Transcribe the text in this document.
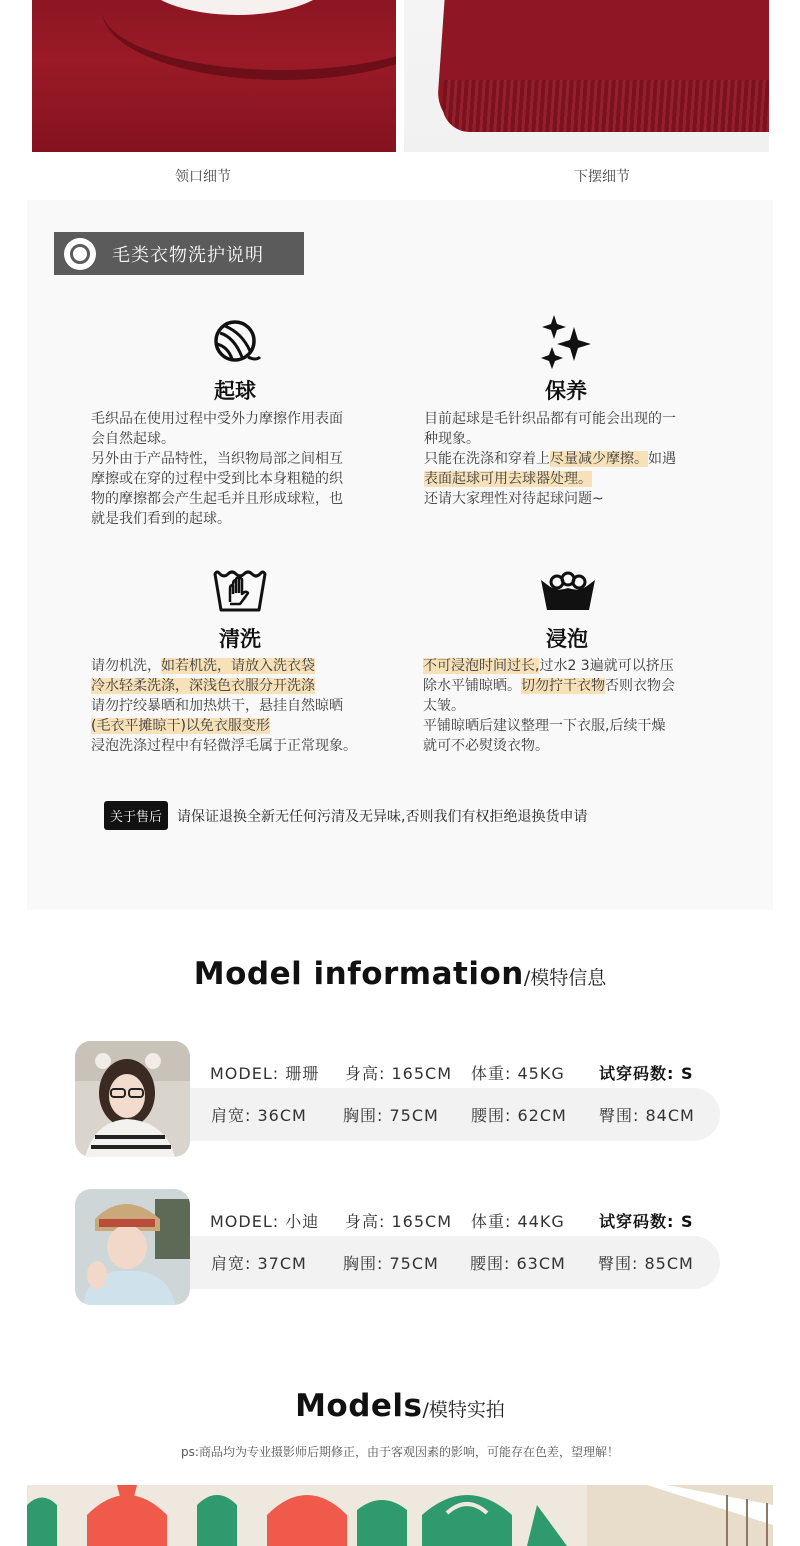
领口细节	下摆细节
毛类衣物洗护说明
起球

毛织品在使用过程中受外力摩擦作用表面

会自然起球。

另外由于产品特性，当织物局部之间相互

摩擦或在穿的过程中受到比本身粗糙的织

物的摩擦都会产生起毛并且形成球粒，也

就是我们看到的起球。

保养

目前起球是毛针织品都有可能会出现的一

种现象。

只能在洗涤和穿着上尽量减少摩擦。如遇

表面起球可用去球器处理。

还请大家理性对待起球问题~

清洗

请勿机洗，如若机洗，请放入洗衣袋

冷水轻柔洗涤，深浅色衣服分开洗涤

请勿拧绞暴晒和加热烘干，悬挂自然晾晒

(毛衣平摊晾干)以免衣服变形

浸泡洗涤过程中有轻微浮毛属于正常现象。

浸泡

不可浸泡时间过长,过水2 3遍就可以挤压

除水平铺晾晒。切勿拧干衣物否则衣物会

太皱。

平铺晾晒后建议整理一下衣服,后续干燥

就可不必熨烫衣物。

关于售后	请保证退换全新无任何污清及无异味,否则我们有权拒绝退换货申请
Model information/模特信息
MODEL: 珊珊 身高: 165CM 体重: 45KG 试穿码数: S
肩宽: 36CM 胸围: 75CM 腰围: 62CM 臀围: 84CM
MODEL: 小迪 身高: 165CM 体重: 44KG 试穿码数: S
肩宽: 37CM 胸围: 75CM 腰围: 63CM 臀围: 85CM
Models/模特实拍
ps:商品均为专业摄影师后期修正，由于客观因素的影响，可能存在色差，望理解！
